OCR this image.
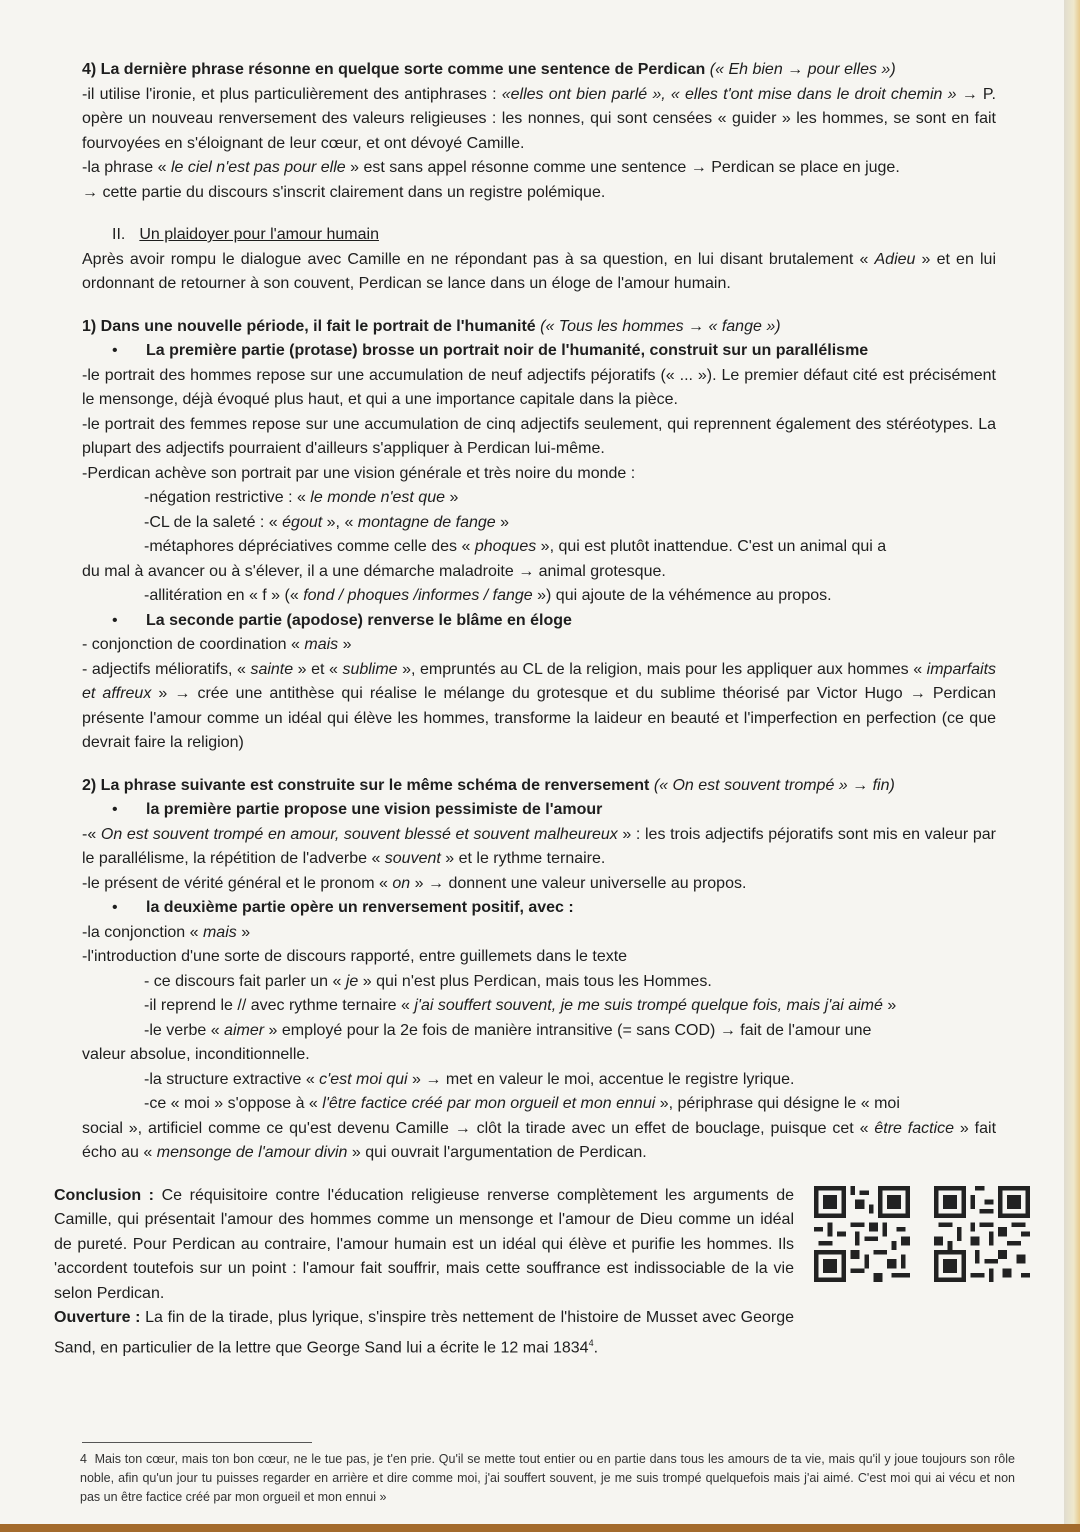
4) La dernière phrase résonne en quelque sorte comme une sentence de Perdican (« Eh bien → pour elles »)

-il utilise l'ironie, et plus particulièrement des antiphrases : «elles ont bien parlé », « elles t'ont mise dans le droit chemin » → P. opère un nouveau renversement des valeurs religieuses : les nonnes, qui sont censées « guider » les hommes, se sont en fait fourvoyées en s'éloignant de leur cœur, et ont dévoyé Camille.

-la phrase « le ciel n'est pas pour elle » est sans appel résonne comme une sentence → Perdican se place en juge.

→ cette partie du discours s'inscrit clairement dans un registre polémique.

II. Un plaidoyer pour l'amour humain

Après avoir rompu le dialogue avec Camille en ne répondant pas à sa question, en lui disant brutalement « Adieu » et en lui ordonnant de retourner à son couvent, Perdican se lance dans un éloge de l'amour humain.

1) Dans une nouvelle période, il fait le portrait de l'humanité (« Tous les hommes → « fange »)

• La première partie (protase) brosse un portrait noir de l'humanité, construit sur un parallélisme

-le portrait des hommes repose sur une accumulation de neuf adjectifs péjoratifs (« ... »). Le premier défaut cité est précisément le mensonge, déjà évoqué plus haut, et qui a une importance capitale dans la pièce.

-le portrait des femmes repose sur une accumulation de cinq adjectifs seulement, qui reprennent également des stéréotypes. La plupart des adjectifs pourraient d'ailleurs s'appliquer à Perdican lui-même.

-Perdican achève son portrait par une vision générale et très noire du monde :

-négation restrictive : « le monde n'est que »

-CL de la saleté : « égout », « montagne de fange »

-métaphores dépréciatives comme celle des « phoques », qui est plutôt inattendue. C'est un animal qui a

du mal à avancer ou à s'élever, il a une démarche maladroite → animal grotesque.

-allitération en « f » (« fond / phoques /informes / fange ») qui ajoute de la véhémence au propos.

• La seconde partie (apodose) renverse le blâme en éloge

- conjonction de coordination « mais »

- adjectifs mélioratifs, « sainte » et « sublime », empruntés au CL de la religion, mais pour les appliquer aux hommes « imparfaits et affreux » → crée une antithèse qui réalise le mélange du grotesque et du sublime théorisé par Victor Hugo → Perdican présente l'amour comme un idéal qui élève les hommes, transforme la laideur en beauté et l'imperfection en perfection (ce que devrait faire la religion)

2) La phrase suivante est construite sur le même schéma de renversement (« On est souvent trompé » → fin)

• la première partie propose une vision pessimiste de l'amour

-« On est souvent trompé en amour, souvent blessé et souvent malheureux » : les trois adjectifs péjoratifs sont mis en valeur par le parallélisme, la répétition de l'adverbe « souvent » et le rythme ternaire.

-le présent de vérité général et le pronom « on » → donnent une valeur universelle au propos.

• la deuxième partie opère un renversement positif, avec :

-la conjonction « mais »

-l'introduction d'une sorte de discours rapporté, entre guillemets dans le texte

- ce discours fait parler un « je » qui n'est plus Perdican, mais tous les Hommes.

-il reprend le // avec rythme ternaire « j'ai souffert souvent, je me suis trompé quelque fois, mais j'ai aimé »

-le verbe « aimer » employé pour la 2e fois de manière intransitive (= sans COD) → fait de l'amour une

valeur absolue, inconditionnelle.

-la structure extractive « c'est moi qui » → met en valeur le moi, accentue le registre lyrique.

-ce « moi » s'oppose à « l'être factice créé par mon orgueil et mon ennui », périphrase qui désigne le « moi

social », artificiel comme ce qu'est devenu Camille → clôt la tirade avec un effet de bouclage, puisque cet « être factice » fait écho au « mensonge de l'amour divin » qui ouvrait l'argumentation de Perdican.

Conclusion : Ce réquisitoire contre l'éducation religieuse renverse complètement les arguments de Camille, qui présentait l'amour des hommes comme un mensonge et l'amour de Dieu comme un idéal de pureté. Pour Perdican au contraire, l'amour humain est un idéal qui élève et purifie les hommes. Ils 'accordent toutefois sur un point : l'amour fait souffrir, mais cette souffrance est indissociable de la vie selon Perdican.

Ouverture : La fin de la tirade, plus lyrique, s'inspire très nettement de l'histoire de Musset avec George Sand, en particulier de la lettre que George Sand lui a écrite le 12 mai 1834$^4$.

4 Mais ton cœur, mais ton bon cœur, ne le tue pas, je t'en prie. Qu'il se mette tout entier ou en partie dans tous les amours de ta vie, mais qu'il y joue toujours son rôle noble, afin qu'un jour tu puisses regarder en arrière et dire comme moi, j'ai souffert souvent, je me suis trompé quelquefois mais j'ai aimé. C'est moi qui ai vécu et non pas un être factice créé par mon orgueil et mon ennui »
